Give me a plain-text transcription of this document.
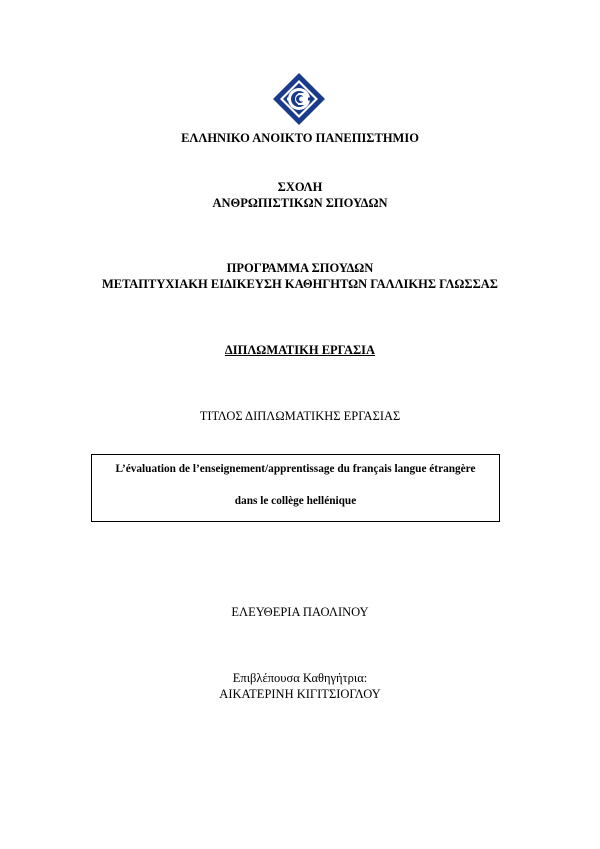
ΕΛΛΗΝΙΚΟ ΑΝΟΙΚΤΟ ΠΑΝΕΠΙΣΤΗΜΙΟ
ΣΧΟΛΗ
ΑΝΘΡΩΠΙΣΤΙΚΩΝ ΣΠΟΥΔΩΝ
ΠΡΟΓΡΑΜΜΑ ΣΠΟΥΔΩΝ
ΜΕΤΑΠΤΥΧΙΑΚΗ ΕΙΔΙΚΕΥΣΗ ΚΑΘΗΓΗΤΩΝ ΓΑΛΛΙΚΗΣ ΓΛΩΣΣΑΣ
ΔΙΠΛΩΜΑΤΙΚΗ ΕΡΓΑΣΙΑ
ΤΙΤΛΟΣ ΔΙΠΛΩΜΑΤΙΚΗΣ ΕΡΓΑΣΙΑΣ
L’évaluation de l’enseignement/apprentissage du français langue étrangère
dans le collège hellénique
ΕΛΕΥΘΕΡΙΑ ΠΑΟΛΙΝΟΥ
Επιβλέπουσα Καθηγήτρια:
ΑΙΚΑΤΕΡΙΝΗ ΚΙΓΙΤΣΙΟΓΛΟΥ
